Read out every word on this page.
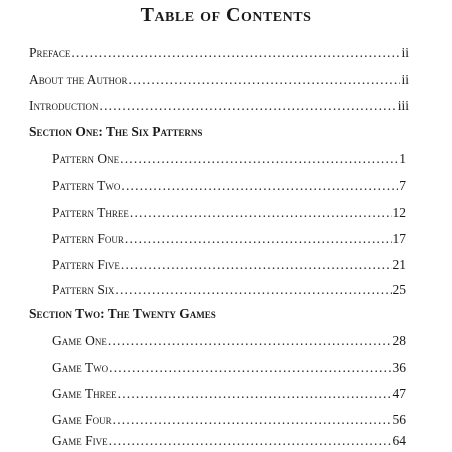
Table of Contents
Preface .....	ii
About the Author .....	ii
Introduction .....	iii
Section One: The Six Patterns
Pattern One .....	1
Pattern Two .....	7
Pattern Three .....	12
Pattern Four .....	17
Pattern Five .....	21
Pattern Six .....	25
Section Two: The Twenty Games
Game One .....	28
Game Two .....	36
Game Three .....	47
Game Four .....	56
Game Five .....	64
